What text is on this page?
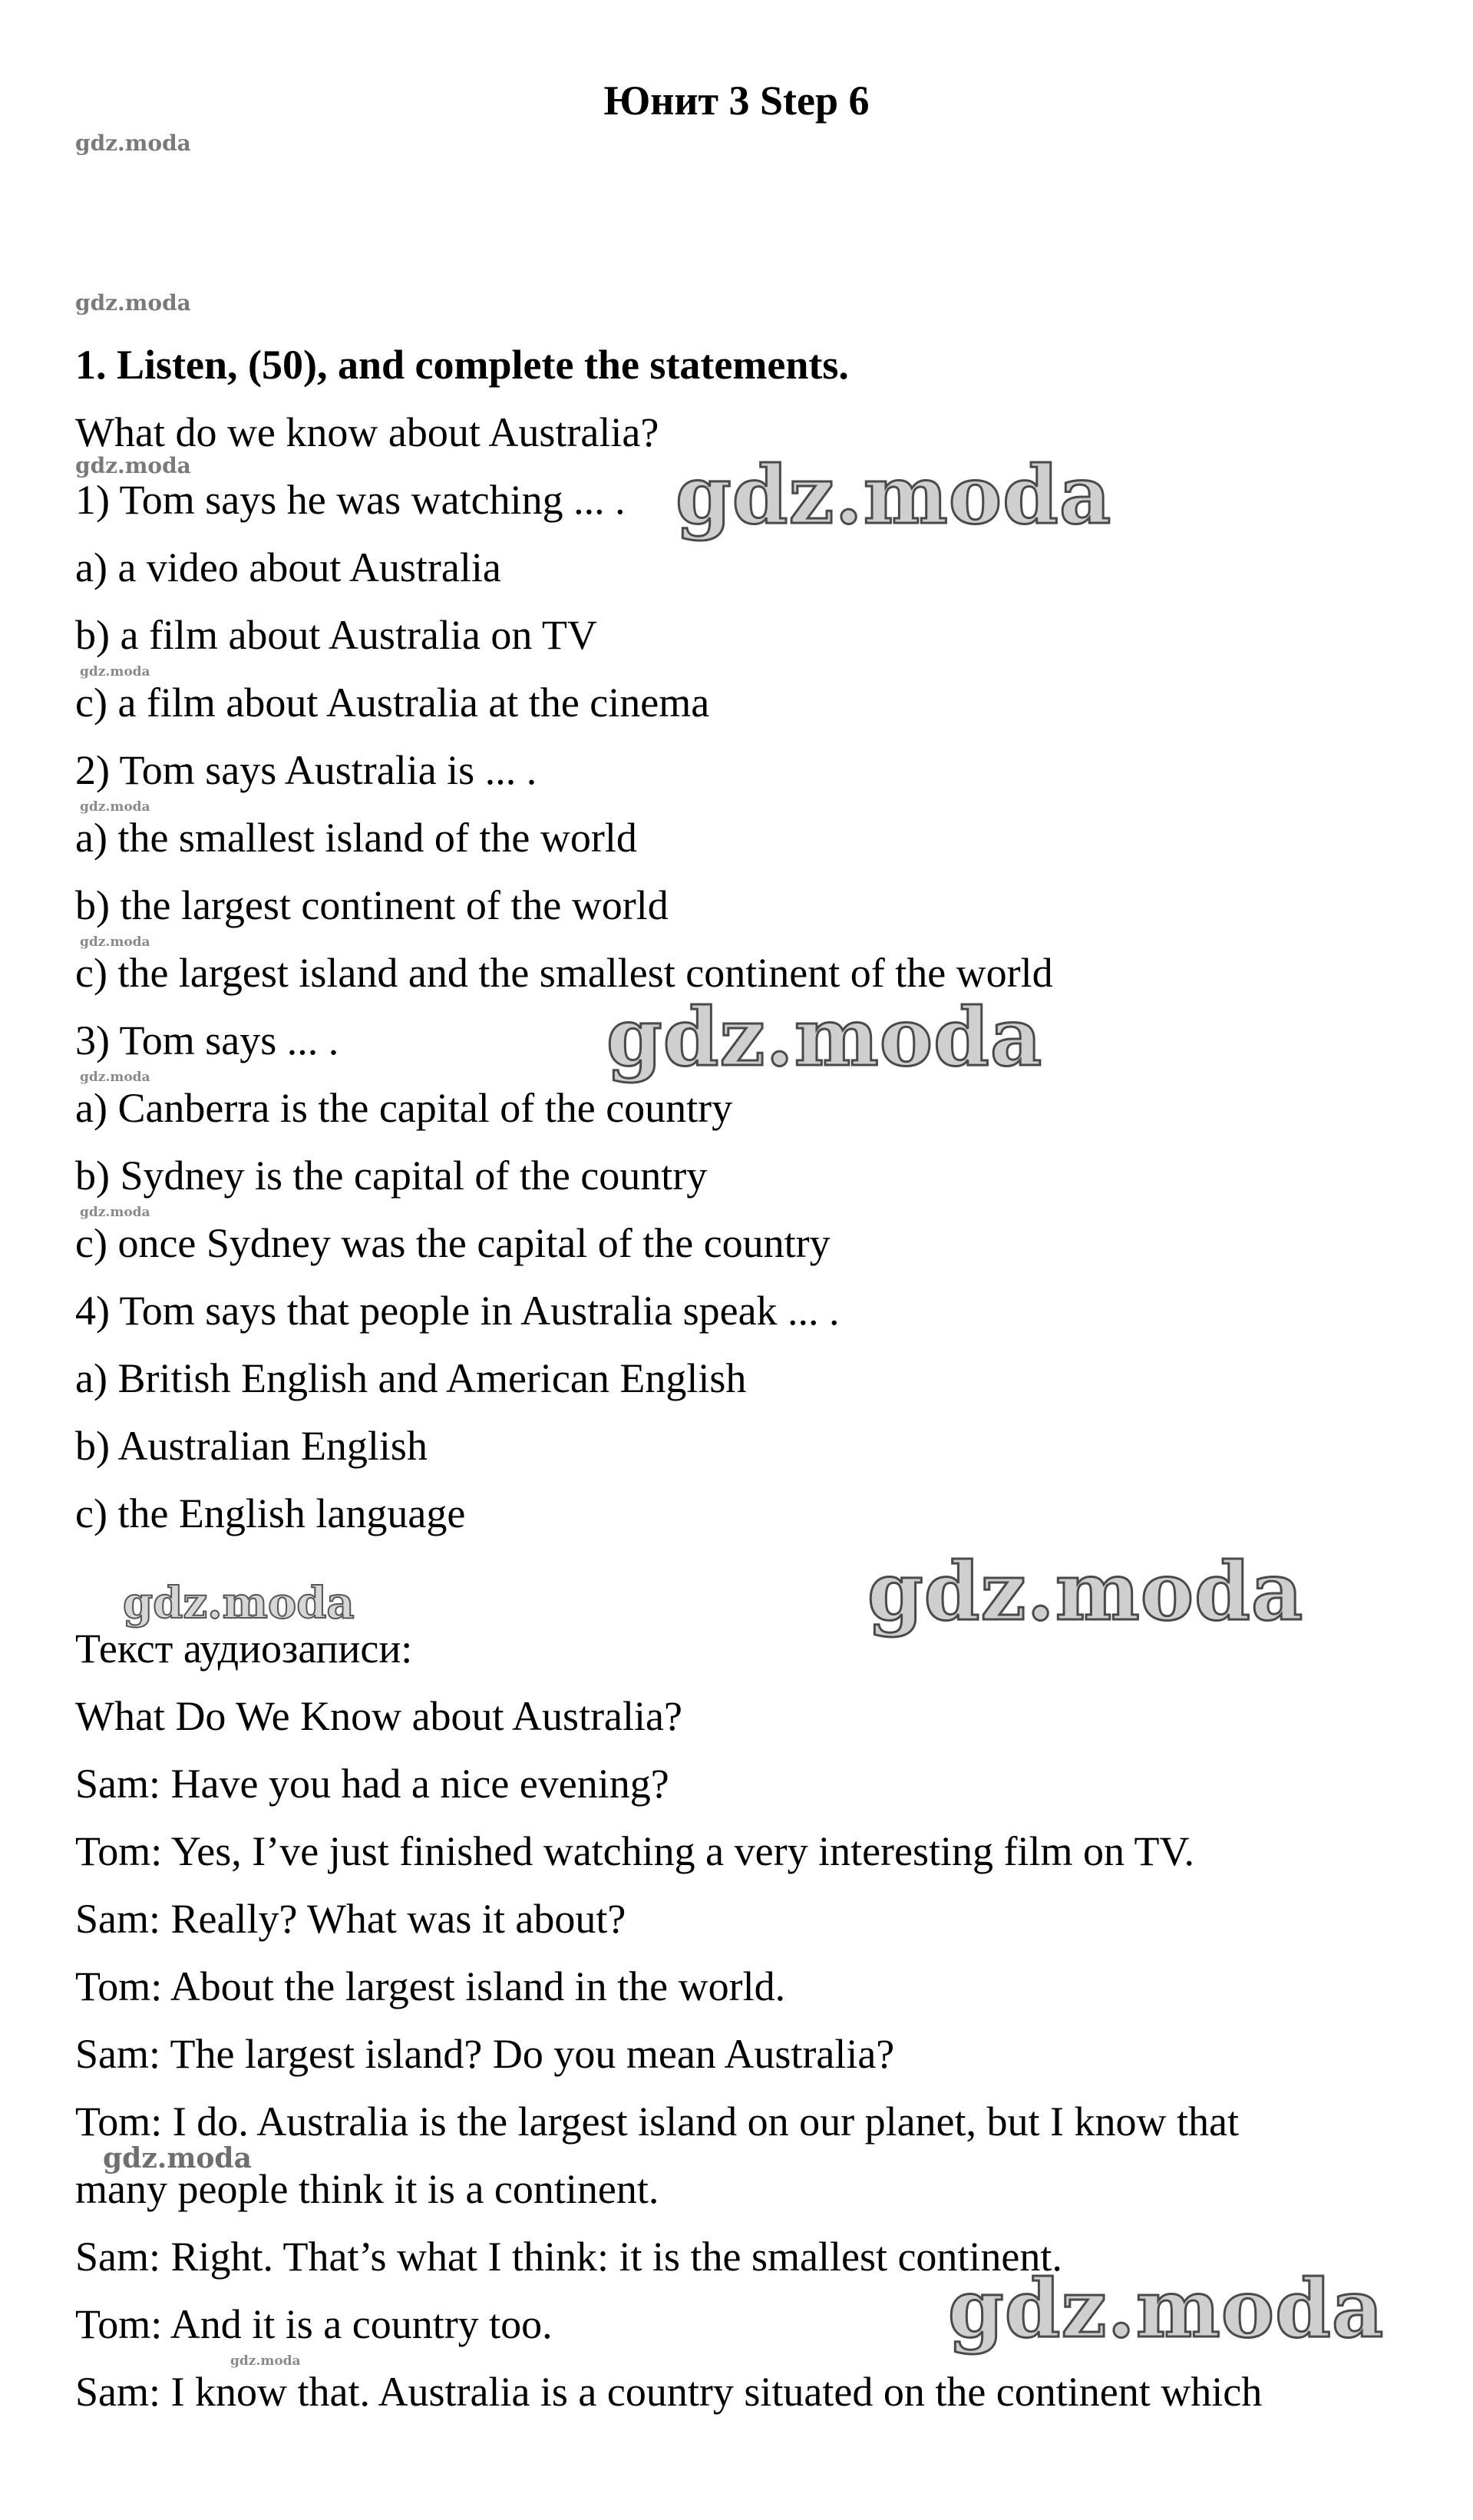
Юнит 3 Step 6
gdz.moda
gdz.moda
1. Listen, (50), and complete the statements.
What do we know about Australia?
gdz.moda
1) Tom says he was watching ... .
a) a video about Australia
b) a film about Australia on TV
gdz.moda
c) a film about Australia at the cinema
2) Tom says Australia is ... .
gdz.moda
a) the smallest island of the world
b) the largest continent of the world
gdz.moda
c) the largest island and the smallest continent of the world
3) Tom says ... .
gdz.moda
a) Canberra is the capital of the country
b) Sydney is the capital of the country
gdz.moda
c) once Sydney was the capital of the country
4) Tom says that people in Australia speak ... .
a) British English and American English
b) Australian English
c) the English language
gdz.moda
Текст аудиозаписи:
What Do We Know about Australia?
Sam: Have you had a nice evening?
Tom: Yes, I’ve just finished watching a very interesting film on TV.
Sam: Really? What was it about?
Tom: About the largest island in the world.
Sam: The largest island? Do you mean Australia?
Tom: I do. Australia is the largest island on our planet, but I know that
gdz.moda
many people think it is a continent.
Sam: Right. That’s what I think: it is the smallest continent.
Tom: And it is a country too.
gdz.moda
Sam: I know that. Australia is a country situated on the continent which
gdz.moda
gdz.moda
gdz.moda
gdz.moda
